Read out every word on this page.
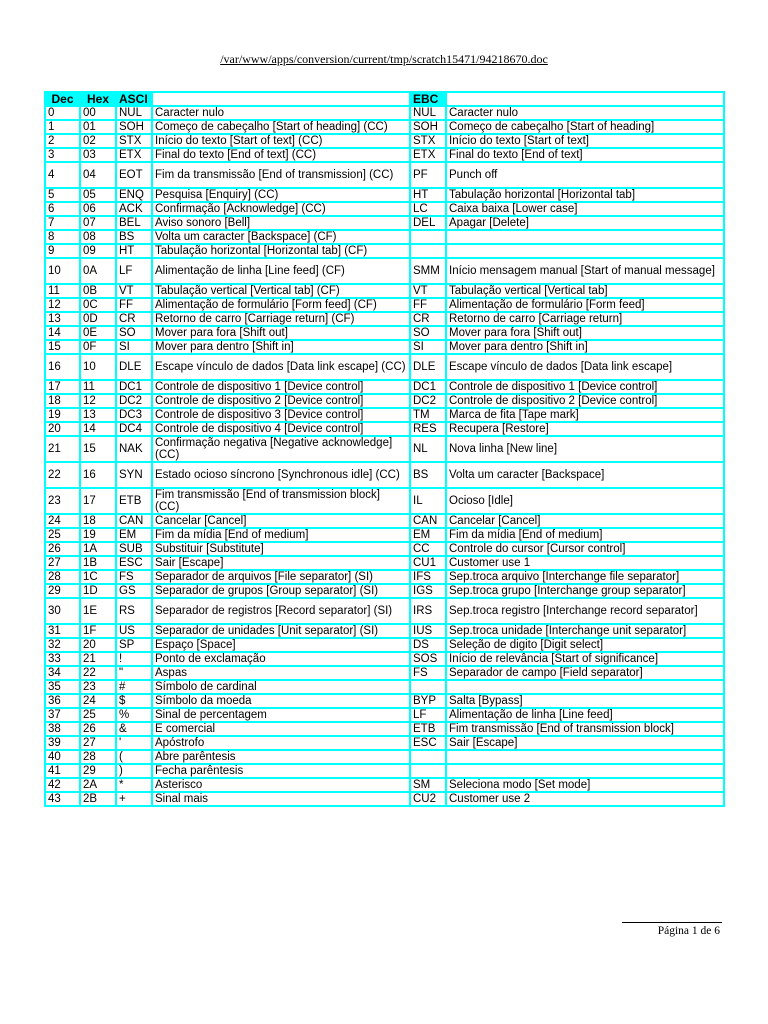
/var/www/apps/conversion/current/tmp/scratch15471/94218670.doc
Dec	Hex	ASCI		EBC	
0	00	NUL	Caracter nulo	NUL	Caracter nulo
1	01	SOH	Começo de cabeçalho [Start of heading] (CC)	SOH	Começo de cabeçalho [Start of heading]
2	02	STX	Início do texto [Start of text] (CC)	STX	Início do texto [Start of text]
3	03	ETX	Final do texto [End of text] (CC)	ETX	Final do texto [End of text]
4	04	EOT	Fim da transmissão [End of transmission] (CC)	PF	Punch off
5	05	ENQ	Pesquisa [Enquiry] (CC)	HT	Tabulação horizontal [Horizontal tab]
6	06	ACK	Confirmação [Acknowledge] (CC)	LC	Caixa baixa [Lower case]
7	07	BEL	Aviso sonoro [Bell]	DEL	Apagar [Delete]
8	08	BS	Volta um caracter [Backspace] (CF)		
9	09	HT	Tabulação horizontal [Horizontal tab] (CF)		
10	0A	LF	Alimentação de linha [Line feed] (CF)	SMM	Início mensagem manual [Start of manual message]
11	0B	VT	Tabulação vertical [Vertical tab] (CF)	VT	Tabulação vertical [Vertical tab]
12	0C	FF	Alimentação de formulário [Form feed] (CF)	FF	Alimentação de formulário [Form feed]
13	0D	CR	Retorno de carro [Carriage return] (CF)	CR	Retorno de carro [Carriage return]
14	0E	SO	Mover para fora [Shift out]	SO	Mover para fora [Shift out]
15	0F	SI	Mover para dentro [Shift in]	SI	Mover para dentro [Shift in]
16	10	DLE	Escape vínculo de dados [Data link escape] (CC)	DLE	Escape vínculo de dados [Data link escape]
17	11	DC1	Controle de dispositivo 1 [Device control]	DC1	Controle de dispositivo 1 [Device control]
18	12	DC2	Controle de dispositivo 2 [Device control]	DC2	Controle de dispositivo 2 [Device control]
19	13	DC3	Controle de dispositivo 3 [Device control]	TM	Marca de fita [Tape mark]
20	14	DC4	Controle de dispositivo 4 [Device control]	RES	Recupera [Restore]
21	15	NAK	Confirmação negativa [Negative acknowledge] (CC)	NL	Nova linha [New line]
22	16	SYN	Estado ocioso síncrono [Synchronous idle] (CC)	BS	Volta um caracter [Backspace]
23	17	ETB	Fim transmissão [End of transmission block] (CC)	IL	Ocioso [Idle]
24	18	CAN	Cancelar [Cancel]	CAN	Cancelar [Cancel]
25	19	EM	Fim da mídia [End of medium]	EM	Fim da mídia [End of medium]
26	1A	SUB	Substituir [Substitute]	CC	Controle do cursor [Cursor control]
27	1B	ESC	Sair [Escape]	CU1	Customer use 1
28	1C	FS	Separador de arquivos [File separator] (SI)	IFS	Sep.troca arquivo [Interchange file separator]
29	1D	GS	Separador de grupos [Group separator] (SI)	IGS	Sep.troca grupo [Interchange group separator]
30	1E	RS	Separador de registros [Record separator] (SI)	IRS	Sep.troca registro [Interchange record separator]
31	1F	US	Separador de unidades [Unit separator] (SI)	IUS	Sep.troca unidade [Interchange unit separator]
32	20	SP	Espaço [Space]	DS	Seleção de digito [Digit select]
33	21	!	Ponto de exclamação	SOS	Início de relevância [Start of significance]
34	22	"	Aspas	FS	Separador de campo [Field separator]
35	23	#	Símbolo de cardinal		
36	24	$	Símbolo da moeda	BYP	Salta [Bypass]
37	25	%	Sinal de percentagem	LF	Alimentação de linha [Line feed]
38	26	&	E comercial	ETB	Fim transmissão [End of transmission block]
39	27	'	Apóstrofo	ESC	Sair [Escape]
40	28	(	Abre parêntesis		
41	29	)	Fecha parêntesis		
42	2A	*	Asterisco	SM	Seleciona modo [Set mode]
43	2B	+	Sinal mais	CU2	Customer use 2
Página 1 de 6
